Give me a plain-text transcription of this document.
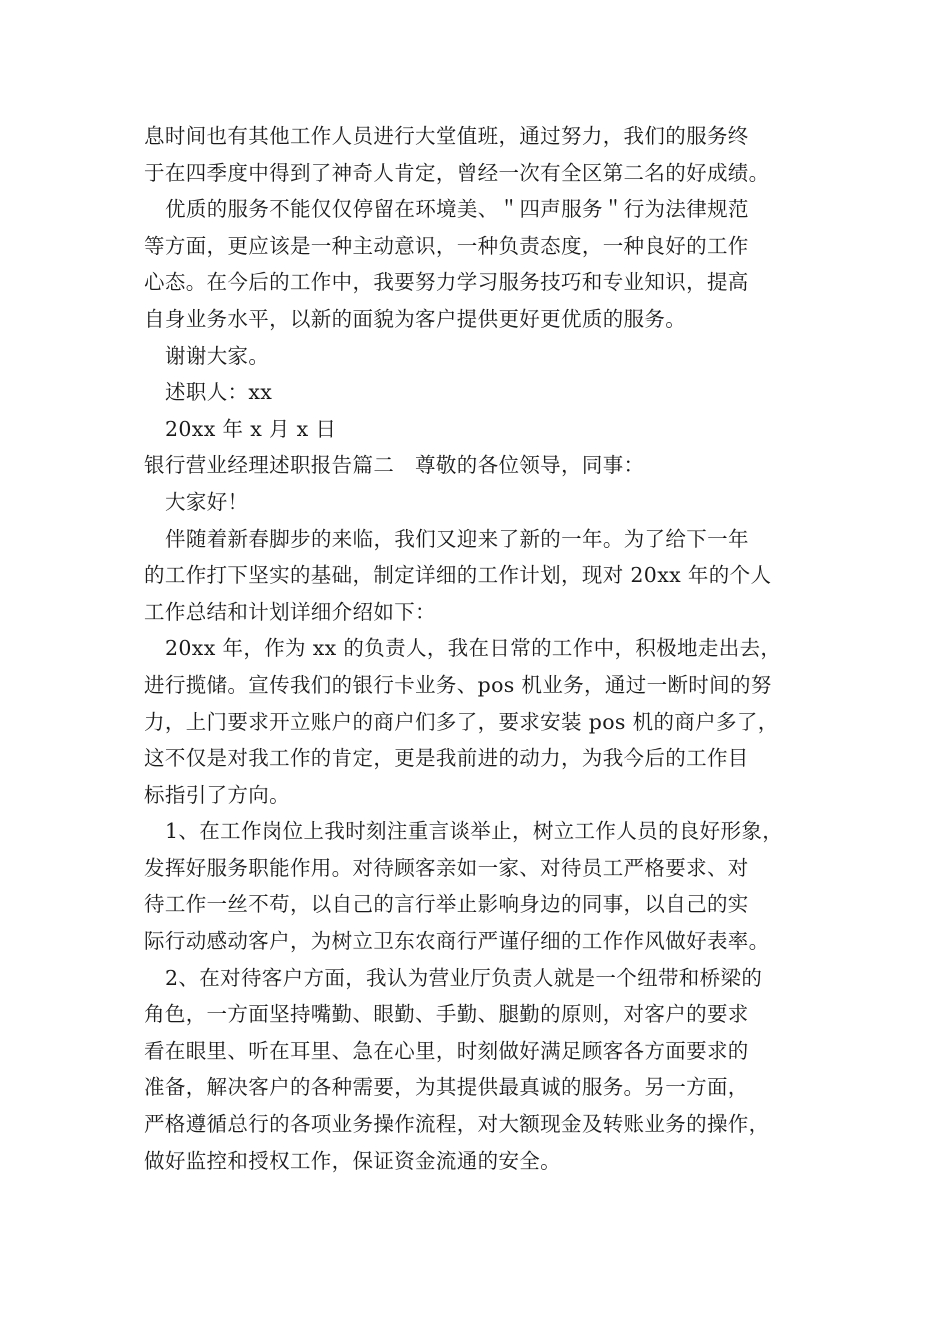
息时间也有其他工作人员进行大堂值班，通过努力，我们的服务终
于在四季度中得到了神奇人肯定，曾经一次有全区第二名的好成绩。
优质的服务不能仅仅停留在环境美、＂四声服务＂行为法律规范
等方面，更应该是一种主动意识，一种负责态度，一种良好的工作
心态。在今后的工作中，我要努力学习服务技巧和专业知识，提高
自身业务水平，以新的面貌为客户提供更好更优质的服务。
谢谢大家。
述职人：xx
20xx 年 x 月 x 日
银行营业经理述职报告篇二　尊敬的各位领导，同事：
大家好！
伴随着新春脚步的来临，我们又迎来了新的一年。为了给下一年
的工作打下坚实的基础，制定详细的工作计划，现对 20xx 年的个人
工作总结和计划详细介绍如下：
20xx 年，作为 xx 的负责人，我在日常的工作中，积极地走出去，
进行揽储。宣传我们的银行卡业务、pos 机业务，通过一断时间的努
力，上门要求开立账户的商户们多了，要求安装 pos 机的商户多了，
这不仅是对我工作的肯定，更是我前进的动力，为我今后的工作目
标指引了方向。
1、在工作岗位上我时刻注重言谈举止，树立工作人员的良好形象，
发挥好服务职能作用。对待顾客亲如一家、对待员工严格要求、对
待工作一丝不苟，以自己的言行举止影响身边的同事，以自己的实
际行动感动客户，为树立卫东农商行严谨仔细的工作作风做好表率。
2、在对待客户方面，我认为营业厅负责人就是一个纽带和桥梁的
角色，一方面坚持嘴勤、眼勤、手勤、腿勤的原则，对客户的要求
看在眼里、听在耳里、急在心里，时刻做好满足顾客各方面要求的
准备，解决客户的各种需要，为其提供最真诚的服务。另一方面，
严格遵循总行的各项业务操作流程，对大额现金及转账业务的操作，
做好监控和授权工作，保证资金流通的安全。
